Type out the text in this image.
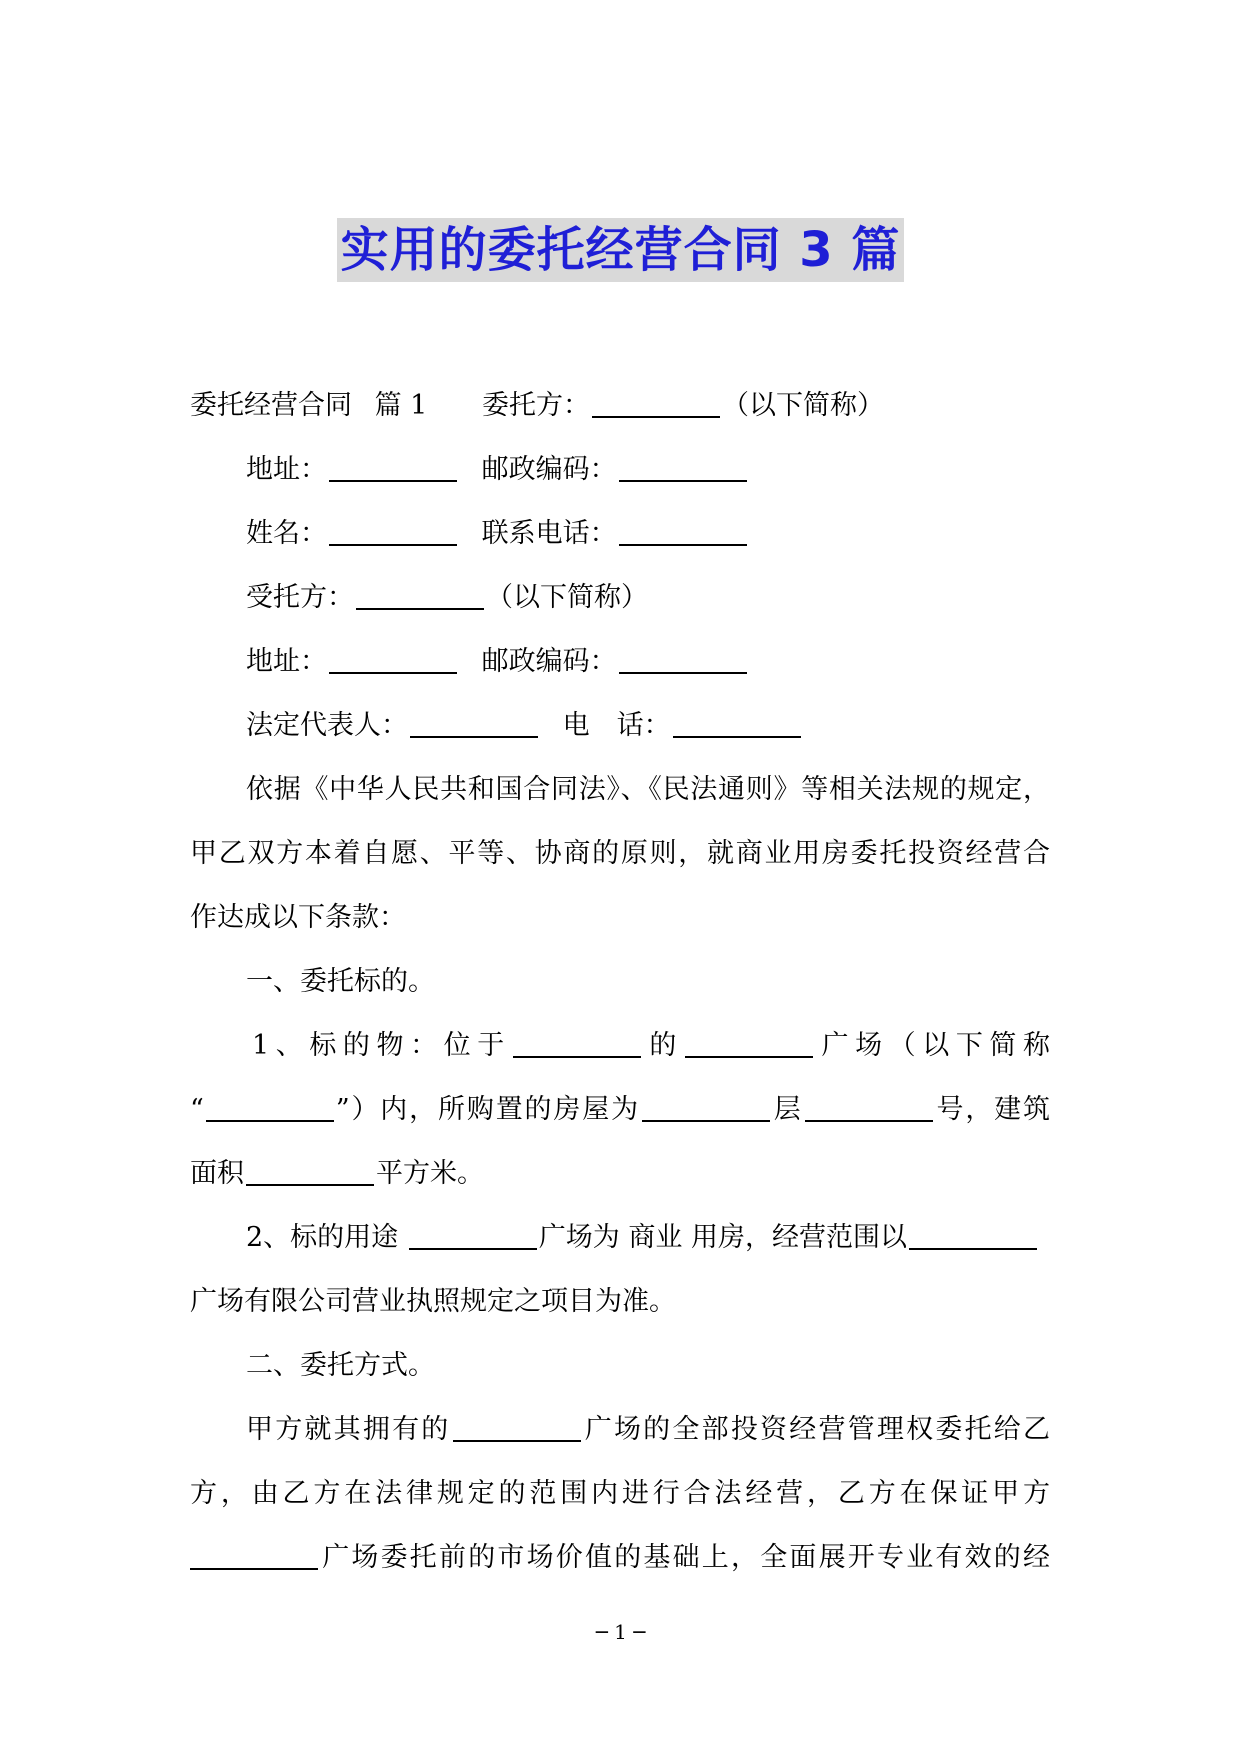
实用的委托经营合同 3 篇
委托经营合同 篇 1 委托方：	（以下简称）
地址：	邮政编码：
姓名：	联系电话：
受托方：	（以下简称）
地址：	邮政编码：
法定代表人：	电　话：
依据《中华人民共和国合同法》、《民法通则》等相关法规的规定，
甲乙双方本着自愿、平等、协商的原则，就商业用房委托投资经营合
作达成以下条款：
一、委托标的。
1、标的物：位于	的	广场（以下简称
“	”）内，所购置的房屋为	层	号，建筑
面积	平方米。
2、标的用途	广场为 商业 用房，经营范围以
广场有限公司营业执照规定之项目为准。
二、委托方式。
甲方就其拥有的	广场的全部投资经营管理权委托给乙
方，由乙方在法律规定的范围内进行合法经营，乙方在保证甲方
广场委托前的市场价值的基础上，全面展开专业有效的经
─ 1 ─
